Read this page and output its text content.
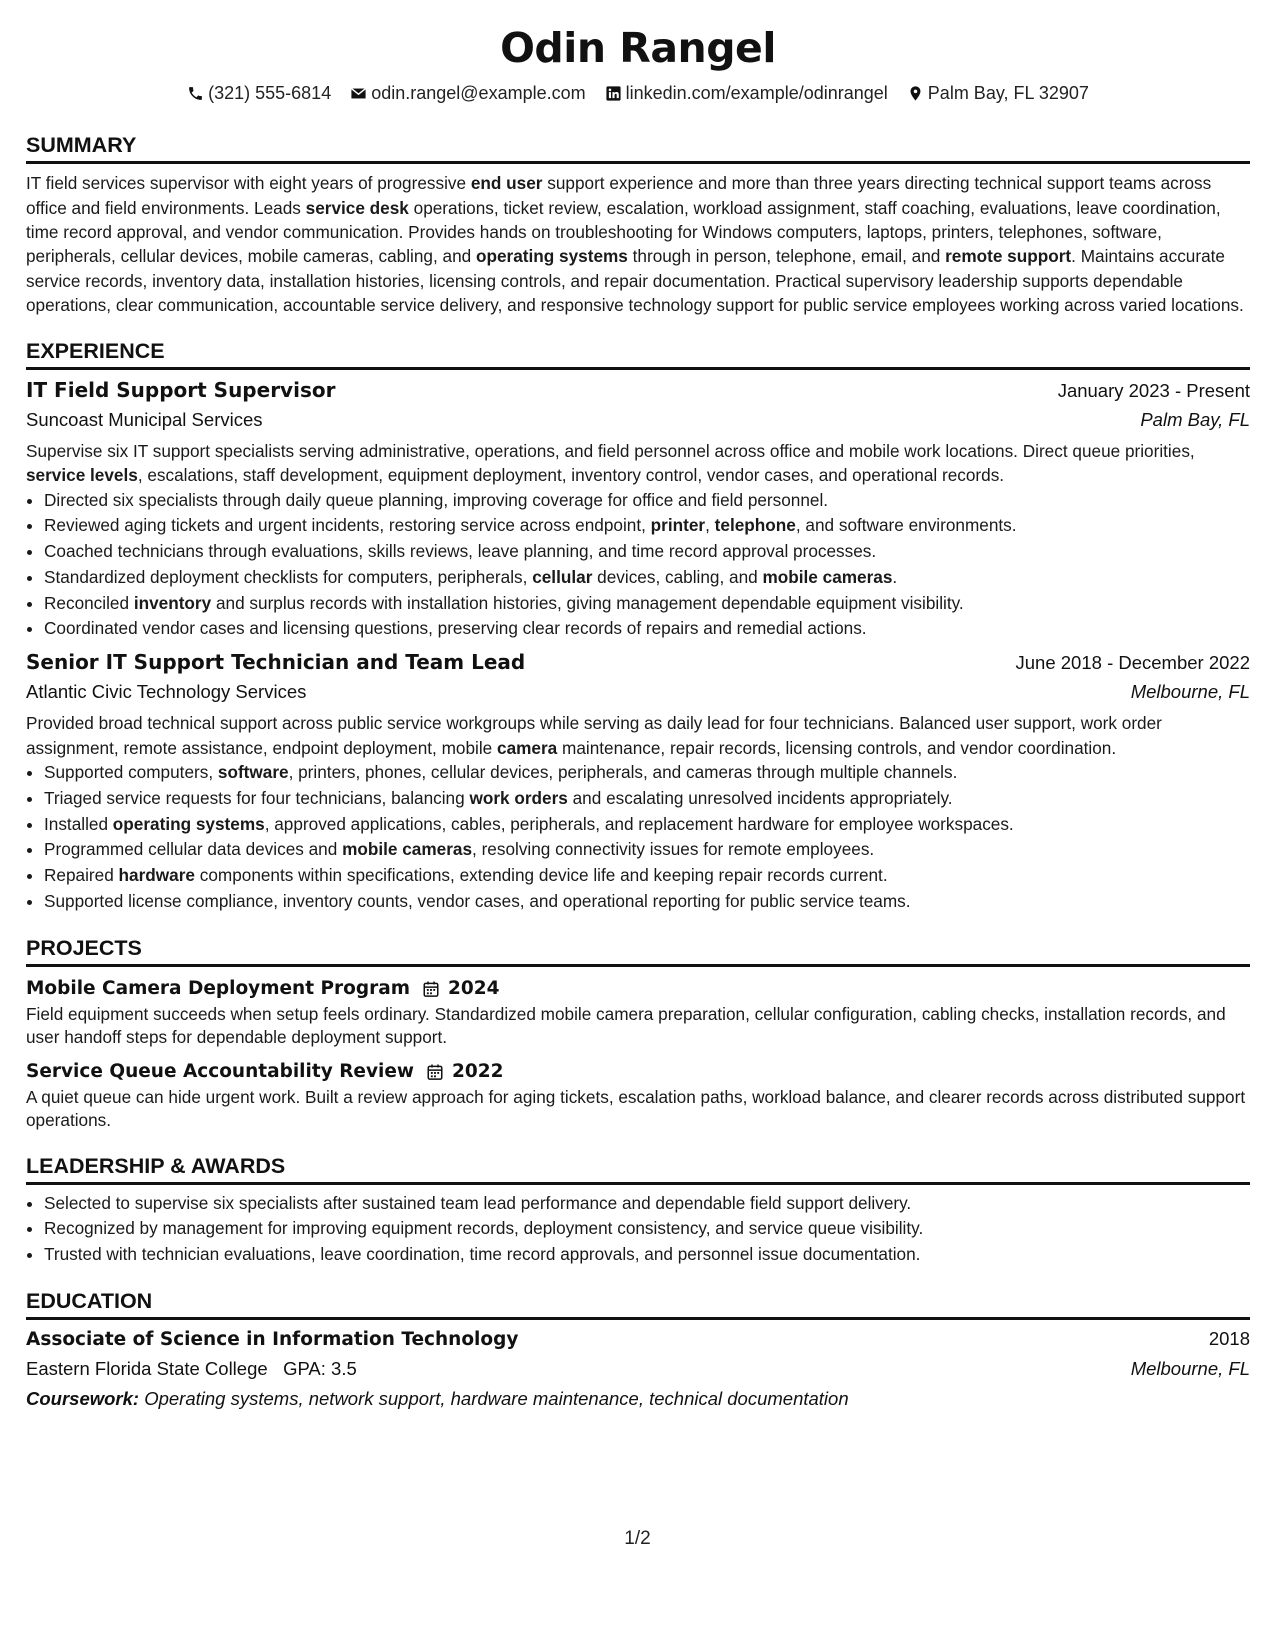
Odin Rangel
(321) 555-6814
odin.rangel@example.com
linkedin.com/example/odinrangel
Palm Bay, FL 32907
SUMMARY
IT field services supervisor with eight years of progressive end user support experience and more than three years directing technical support teams across office and field environments. Leads service desk operations, ticket review, escalation, workload assignment, staff coaching, evaluations, leave coordination, time record approval, and vendor communication. Provides hands on troubleshooting for Windows computers, laptops, printers, telephones, software, peripherals, cellular devices, mobile cameras, cabling, and operating systems through in person, telephone, email, and remote support. Maintains accurate service records, inventory data, installation histories, licensing controls, and repair documentation. Practical supervisory leadership supports dependable operations, clear communication, accountable service delivery, and responsive technology support for public service employees working across varied locations.
EXPERIENCE
IT Field Support Supervisor	January 2023 - Present
Suncoast Municipal Services	Palm Bay, FL
Supervise six IT support specialists serving administrative, operations, and field personnel across office and mobile work locations. Direct queue priorities, service levels, escalations, staff development, equipment deployment, inventory control, vendor cases, and operational records.
• Directed six specialists through daily queue planning, improving coverage for office and field personnel.
• Reviewed aging tickets and urgent incidents, restoring service across endpoint, printer, telephone, and software environments.
• Coached technicians through evaluations, skills reviews, leave planning, and time record approval processes.
• Standardized deployment checklists for computers, peripherals, cellular devices, cabling, and mobile cameras.
• Reconciled inventory and surplus records with installation histories, giving management dependable equipment visibility.
• Coordinated vendor cases and licensing questions, preserving clear records of repairs and remedial actions.
Senior IT Support Technician and Team Lead	June 2018 - December 2022
Atlantic Civic Technology Services	Melbourne, FL
Provided broad technical support across public service workgroups while serving as daily lead for four technicians. Balanced user support, work order assignment, remote assistance, endpoint deployment, mobile camera maintenance, repair records, licensing controls, and vendor coordination.
• Supported computers, software, printers, phones, cellular devices, peripherals, and cameras through multiple channels.
• Triaged service requests for four technicians, balancing work orders and escalating unresolved incidents appropriately.
• Installed operating systems, approved applications, cables, peripherals, and replacement hardware for employee workspaces.
• Programmed cellular data devices and mobile cameras, resolving connectivity issues for remote employees.
• Repaired hardware components within specifications, extending device life and keeping repair records current.
• Supported license compliance, inventory counts, vendor cases, and operational reporting for public service teams.
PROJECTS
Mobile Camera Deployment Program 2024
Field equipment succeeds when setup feels ordinary. Standardized mobile camera preparation, cellular configuration, cabling checks, installation records, and user handoff steps for dependable deployment support.
Service Queue Accountability Review 2022
A quiet queue can hide urgent work. Built a review approach for aging tickets, escalation paths, workload balance, and clearer records across distributed support operations.
LEADERSHIP & AWARDS
• Selected to supervise six specialists after sustained team lead performance and dependable field support delivery.
• Recognized by management for improving equipment records, deployment consistency, and service queue visibility.
• Trusted with technician evaluations, leave coordination, time record approvals, and personnel issue documentation.
EDUCATION
Associate of Science in Information Technology	2018
Eastern Florida State College GPA: 3.5	Melbourne, FL
Coursework: Operating systems, network support, hardware maintenance, technical documentation
1/2
